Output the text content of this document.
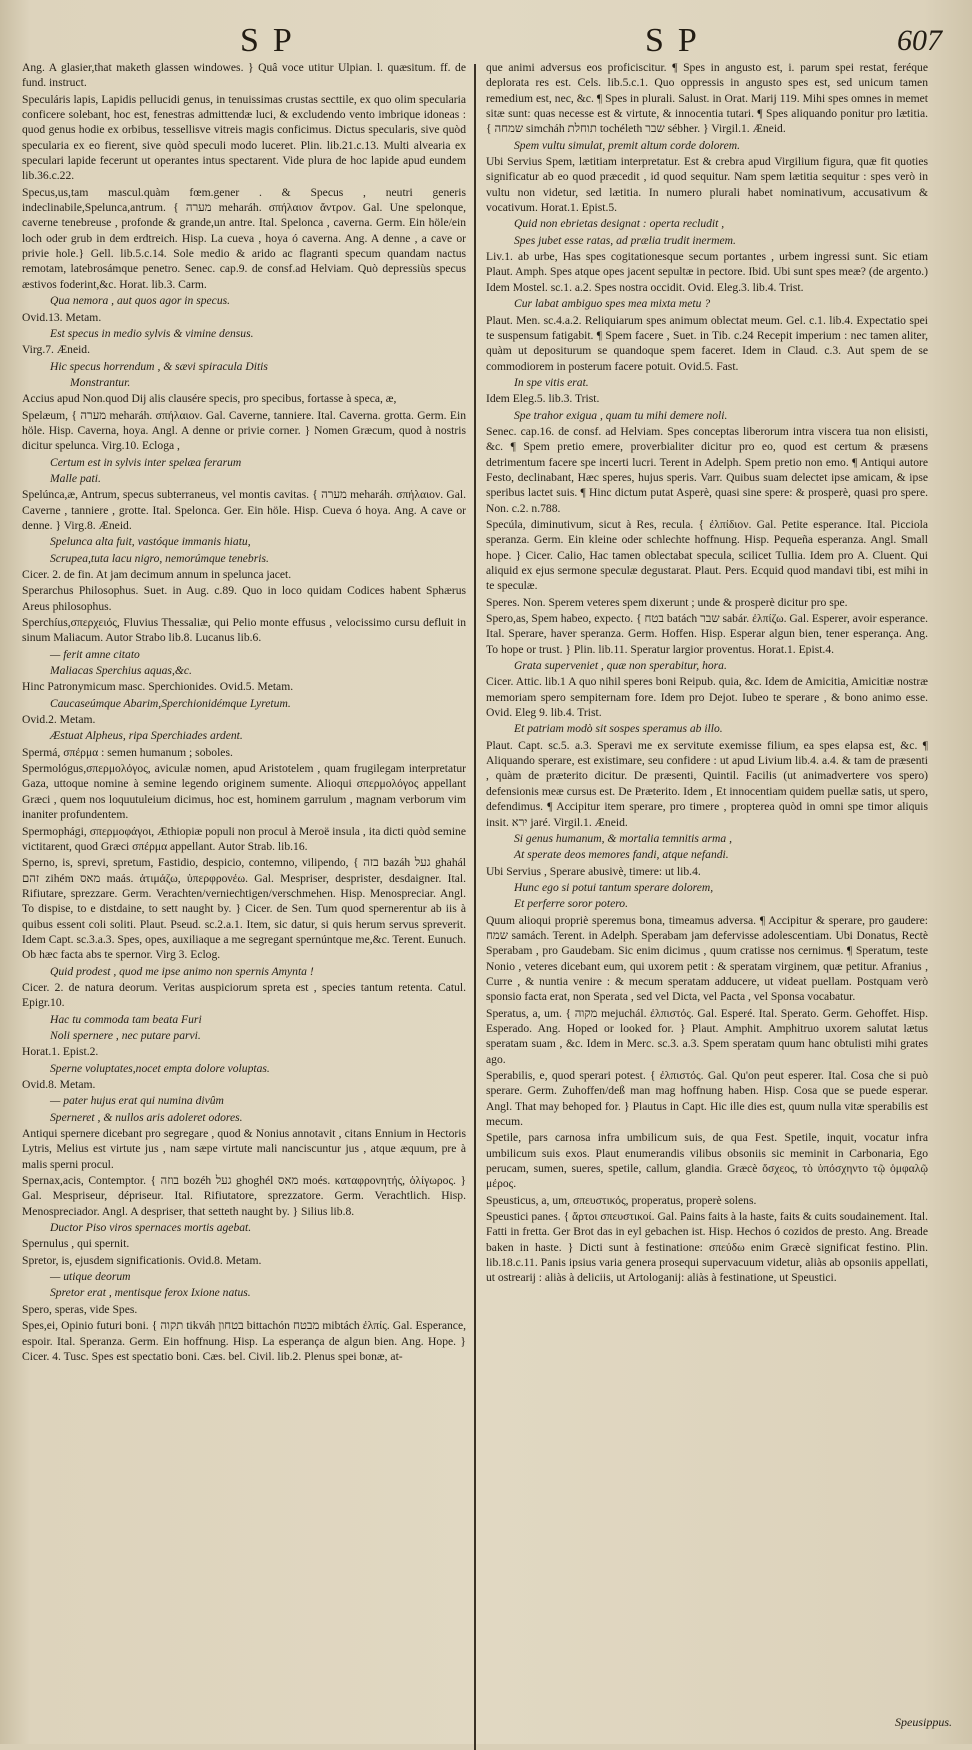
SP	SP	607

Ang. A glasier,that maketh glassen windowes. } Quâ voce utitur Ulpian. l. quæsitum. ff. de fund. instruct.

Speculáris lapis, Lapidis pellucidi genus, in tenuissimas crustas secttile, ex quo olim specularia conficere solebant, hoc est, fenestras admittendæ luci, & excludendo vento imbrique idoneas : quod genus hodie ex orbibus, tessellisve vitreis magis conficimus. Dictus specularis, sive quòd specularia ex eo fierent, sive quòd speculi modo luceret. Plin. lib.21.c.13. Multi alvearia ex speculari lapide fecerunt ut operantes intus spectarent. Vide plura de hoc lapide apud eundem lib.36.c.22.

Specus,us,tam mascul.quàm fœm.gener . & Specus , neutri generis indeclinabile,Spelunca,antrum. { מערה meharáh. σπήλαιον ἄντρον. Gal. Une spelonque, caverne tenebreuse , profonde & grande,un antre. Ital. Speloncа , caverna. Germ. Ein höle/ein loch oder grub in dem erdtreich. Hisp. La cueva , hoya ó caverna. Ang. A denne , a cave or privie hole.} Gell. lib.5.c.14. Sole medio & arido ac flagranti specum quandam nactus remotam, latebrosámque penetro. Senec. cap.9. de consf.ad Helviam. Quò depressiùs specus æstivos foderint,&c. Horat. lib.3. Carm.

Qua nemora , aut quos agor in specus.

Ovid.13. Metam.

Est specus in medio sylvis & vimine densus.

Virg.7. Æneid.

Hic specus horrendum , & sævi spiracula Ditis

Monstrantur.

Accius apud Non.quod Dij alis clausére specis, pro specibus, fortasse à speca, æ,

Spelæum, { מערה meharáh. σπήλαιον. Gal. Caverne, tanniere. Ital. Caverna. grotta. Germ. Ein höle. Hisp. Caverna, hoya. Angl. A denne or privie corner. } Nomen Græcum, quod à nostris dicitur spelunca. Virg.10. Ecloga ,

Certum est in sylvis inter spelæa ferarum

Malle pati.

Spelúnca,æ, Antrum, specus subterraneus, vel montis cavitas. { מערה meharáh. σπήλαιον. Gal. Caverne , tanniere , grotte. Ital. Spelonca. Ger. Ein höle. Hisp. Cueva ó hoya. Ang. A cave or denne. } Virg.8. Æneid.

Spelunca alta fuit, vastóque immanis hiatu,

Scrupea,tuta lacu nigro, nemorúmque tenebris.

Cicer. 2. de fin. At jam decimum annum in spelunca jacet.

Sperarchus Philosophus. Suet. in Aug. c.89. Quo in loco quidam Codices habent Sphærus Areus philosophus.

Sperchíus,σπερχειός, Fluvius Thessaliæ, qui Pelio monte effusus , velocissimo cursu defluit in sinum Maliacum. Autor Strabo lib.8. Lucanus lib.6.

— ferit amne citato

Maliacas Sperchius aquas,&c.

Hinc Patronymicum masc. Sperchionides. Ovid.5. Metam.

Caucaseúmque Abarim,Sperchionidémque Lyretum.

Ovid.2. Metam.

Æstuat Alpheus, ripa Sperchiades ardent.

Spermá, σπέρμα : semen humanum ; soboles.

Spermológus,σπερμολόγος, aviculæ nomen, apud Aristotelem , quam frugilegam interpretatur Gaza, uttoque nomine à semine legendo originem sumente. Alioqui σπερμολόγος appellant Græci , quem nos loquutuleium dicimus, hoc est, hominem garrulum , magnam verborum vim inaniter profundentem.

Spermophági, σπερμοφάγοι, Æthiopiæ populi non procul à Meroë insula , ita dicti quòd semine victitarent, quod Græci σπέρμα appellant. Autor Strab. lib.16.

Sperno, is, sprevi, spretum, Fastidio, despicio, contemno, vilipendo, { בזה bazáh געל ghahál זהם zihém מאס maás. ἀτιμάζω, ὑπερφρονέω. Gal. Mespriser, desprister, desdaigner. Ital. Rifiutare, sprezzare. Germ. Verachten/verniechtigen/verschmehen. Hisp. Menospreciar. Angl. To dispise, to e distdaine, to sett naught by. } Cicer. de Sen. Tum quod spernerentur ab iis à quibus essent coli soliti. Plaut. Pseud. sc.2.a.1. Item, sic datur, si quis herum servus spreverit. Idem Capt. sc.3.a.3. Spes, opes, auxiliaque a me segregant spernúntque me,&c. Terent. Eunuch. Ob hæc facta abs te spernor. Virg 3. Eclog.

Quid prodest , quod me ipse animo non spernis Amynta !

Cicer. 2. de natura deorum. Veritas auspiciorum spreta est , species tantum retenta. Catul. Epigr.10.

Hac tu commoda tam beata Furi

Noli spernere , nec putare parvi.

Horat.1. Epist.2.

Sperne voluptates,nocet empta dolore voluptas.

Ovid.8. Metam.

— pater hujus erat qui numina divûm

Sperneret , & nullos aris adoleret odores.

Antiqui spernere dicebant pro segregare , quod & Nonius annotavit , citans Ennium in Hectoris Lytris, Melius est virtute jus , nam sæpe virtute mali nanciscuntur jus , atque æquum, pre à malis sperni procul.

Spernax,acis, Contemptor. { בוזה bozéh געל ghoghél מאס moés. καταφρονητής, ὀλίγωρος. } Gal. Mespriseur, dépriseur. Ital. Rifiutatore, sprezzatore. Germ. Verachtlich. Hisp. Menospreciador. Angl. A despriser, that setteth naught by. } Silius lib.8.

Ductor Piso viros spernaces mortis agebat.

Spernulus , qui spernit.

Spretor, is, ejusdem significationis. Ovid.8. Metam.

— utique deorum

Spretor erat , mentisque ferox Ixione natus.

Spero, speras, vide Spes.

Spes,ei, Opinio futuri boni. { תקוה tikváh בטחון bittachón מבטח mibtách ἐλπίς. Gal. Esperance, espoir. Ital. Speranza. Germ. Ein hoffnung. Hisp. La esperança de algun bien. Ang. Hope. } Cicer. 4. Tusc. Spes est spectatio boni. Cæs. bel. Civil. lib.2. Plenus spei bonæ, at-

que animi adversus eos proficiscitur. ¶ Spes in angusto est, i. parum spei restat, feréque deplorata res est. Cels. lib.5.c.1. Quo oppressis in angusto spes est, sed unicum tamen remedium est, nec, &c. ¶ Spes in plurali. Salust. in Orat. Marij 119. Mihi spes omnes in memet sitæ sunt: quas necesse est & virtute, & innocentia tutari. ¶ Spes aliquando ponitur pro lætitia. { שמחה simcháh תוחלת tochéleth שבר sébher. } Virgil.1. Æneid.

Spem vultu simulat, premit altum corde dolorem.

Ubi Servius Spem, lætitiam interpretatur. Est & crebra apud Virgilium figura, quæ fit quoties significatur ab eo quod præcedit , id quod sequitur. Nam spem lætitia sequitur : spes verò in vultu non videtur, sed lætitia. In numero plurali habet nominativum, accusativum & vocativum. Horat.1. Epist.5.

Quid non ebrietas designat : operta recludit ,

Spes jubet esse ratas, ad prælia trudit inermem.

Liv.1. ab urbe, Has spes cogitationesque secum portantes , urbem ingressi sunt. Sic etiam Plaut. Amph. Spes atque opes jacent sepultæ in pectore. Ibid. Ubi sunt spes meæ? (de argento.) Idem Mostel. sc.1. a.2. Spes nostra occidit. Ovid. Eleg.3. lib.4. Trist.

Cur labat ambiguo spes mea mixta metu ?

Plaut. Men. sc.4.a.2. Reliquiarum spes animum oblectat meum. Gel. c.1. lib.4. Expectatio spei te suspensum fatigabit. ¶ Spem facere , Suet. in Tib. c.24 Recepit imperium : nec tamen aliter, quàm ut depositurum se quandoque spem faceret. Idem in Claud. c.3. Aut spem de se commodiorem in posterum facere potuit. Ovid.5. Fast.

In spe vitis erat.

Idem Eleg.5. lib.3. Trist.

Spe trahor exigua , quam tu mihi demere noli.

Senec. cap.16. de consf. ad Helviam. Spes conceptas liberorum intra viscera tua non elisisti, &c. ¶ Spem pretio emere, proverbialiter dicitur pro eo, quod est certum & præsens detrimentum facere spe incerti lucri. Terent in Adelph. Spem pretio non emo. ¶ Antiqui autore Festo, declinabant, Hæc speres, hujus speris. Varr. Quibus suam delectet ipse amicam, & ipse speribus lactet suis. ¶ Hinc dictum putat Asperè, quasi sine spere: & prosperè, quasi pro spere. Non. c.2. n.788.

Specúla, diminutivum, sicut à Res, recula. { ἐλπίδιον. Gal. Petite esperance. Ital. Picciola speranza. Germ. Ein kleine oder schlechte hoffnung. Hisp. Pequeña esperanza. Angl. Small hope. } Cicer. Calio, Hac tamen oblectabat specula, scilicet Tullia. Idem pro A. Cluent. Qui aliquid ex ejus sermone speculæ degustarat. Plaut. Pers. Ecquid quod mandavi tibi, est mihi in te speculæ.

Speres. Non. Sperem veteres spem dixerunt ; unde & prosperè dicitur pro spe.

Spero,as, Spem habeo, expecto. { בטח batách שבר sabár. ἐλπίζω. Gal. Esperer, avoir esperance. Ital. Sperare, haver speranza. Germ. Hoffen. Hisp. Esperar algun bien, tener esperança. Ang. To hope or trust. } Plin. lib.11. Speratur largior proventus. Horat.1. Epist.4.

Grata superveniet , quæ non sperabitur, hora.

Cicer. Attic. lib.1 A quo nihil speres boni Reipub. quia, &c. Idem de Amicitia, Amicitiæ nostræ memoriam spero sempiternam fore. Idem pro Dejot. Iubeo te sperare , & bono animo esse. Ovid. Eleg 9. lib.4. Trist.

Et patriam modò sit sospes speramus ab illo.

Plaut. Capt. sc.5. a.3. Speravi me ex servitute exemisse filium, ea spes elapsa est, &c. ¶ Aliquando sperare, est existimare, seu confidere : ut apud Livium lib.4. a.4. & tam de præsenti , quàm de præterito dicitur. De præsenti, Quintil. Facilis (ut animadvertere vos spero) defensionis meæ cursus est. De Præterito. Idem , Et innocentiam quidem puellæ satis, ut spero, defendimus. ¶ Accipitur item sperare, pro timere , propterea quòd in omni spe timor aliquis insit. ירא jaré. Virgil.1. Æneid.

Si genus humanum, & mortalia temnitis arma ,

At sperate deos memores fandi, atque nefandi.

Ubi Servius , Sperare abusivè, timere: ut lib.4.

Hunc ego si potui tantum sperare dolorem,

Et perferre soror potero.

Quum alioqui propriè speremus bona, timeamus adversa. ¶ Accipitur & sperare, pro gaudere: שמח samách. Terent. in Adelph. Sperabam jam defervisse adolescentiam. Ubi Donatus, Rectè Sperabam , pro Gaudebam. Sic enim dicimus , quum cratisse nos cernimus. ¶ Speratum, teste Nonio , veteres dicebant eum, qui uxorem petit : & speratam virginem, quæ petitur. Afranius , Curre , & nuntia venire : & mecum speratam adducere, ut videat puellam. Postquam verò sponsio facta erat, non Sperata , sed vel Dicta, vel Pacta , vel Sponsa vocabatur.

Speratus, a, um. { מקוה mejuchál. ἐλπιστός. Gal. Esperé. Ital. Sperato. Germ. Gehoffet. Hisp. Esperado. Ang. Hoped or looked for. } Plaut. Amphit. Amphitruo uxorem salutat lætus speratam suam , &c. Idem in Merc. sc.3. a.3. Spem speratam quum hanc obtulisti mihi grates ago.

Sperabilis, e, quod sperari potest. { ἐλπιστός. Gal. Qu'on peut esperer. Ital. Cosa che si può sperare. Germ. Zuhoffen/deß man mag hoffnung haben. Hisp. Cosa que se puede esperar. Angl. That may behoped for. } Plautus in Capt. Hic ille dies est, quum nulla vitæ sperabilis est mecum.

Spetile, pars carnosa infra umbilicum suis, de qua Fest. Spetile, inquit, vocatur infra umbilicum suis exos. Plaut enumerandis vilibus obsoniis sic meminit in Carbonaria, Ego perucam, sumen, sueres, spetile, callum, glandia. Græcè ὄσχεος, τὸ ὑπόσχηντο τῷ ὀμφαλῷ μέρος.

Speusticus, a, um, σπευστικός, properatus, properè solens.

Speustici panes. { ἄρτοι σπευστικοί. Gal. Pains faits à la haste, faits & cuits soudainement. Ital. Fatti in fretta. Ger Brot das in eyl gebachen ist. Hisp. Hechos ó cozidos de presto. Ang. Breade baken in haste. } Dicti sunt à festinatione: σπεύδω enim Græcè significat festino. Plin. lib.18.c.11. Panis ipsius varia genera prosequi supervacuum videtur, aliàs ab opsoniis appellati, ut ostrearij : aliàs à deliciis, ut Artologanij: aliàs à festinatione, ut Speustici.

Speusippus.
